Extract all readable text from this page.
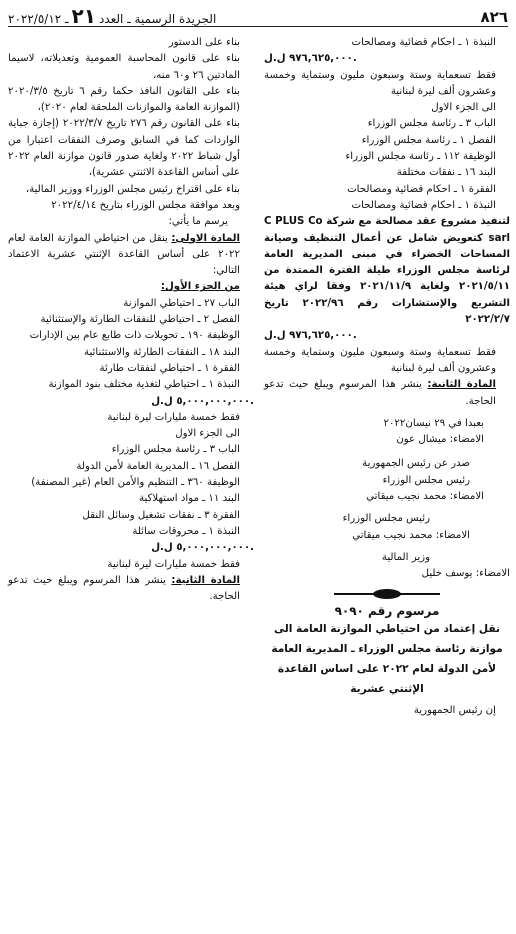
٨٢٦
الجريدة الرسمية ـ العدد
٢١
ـ ٢٠٢٢/٥/١٢

النبذة ١ ـ احكام قضائية ومصالحات

٩٧٦,٦٢٥,٠٠٠ ل.ل.

فقط تسعماية وستة وسبعون مليون وستماية وخمسة وعشرون ألف ليرة لبنانية

الى الجزء الاول

الباب ٣ ـ رئاسة مجلس الوزراء

الفصل ١ ـ رئاسة مجلس الوزراء

الوظيفة ١١٢ ـ رئاسة مجلس الوزراء

البند ١٦ ـ نفقات مختلفة

الفقرة ١ ـ احكام قضائية ومصالحات

النبذة ١ ـ احكام قضائية ومصالحات

لتنفيذ مشروع عقد مصالحة مع شركة C PLUS Co sarl كتعويض شامل عن أعمال التنظيف وصيانة المساحات الخضراء في مبنى المديرية العامة لرئاسة مجلس الوزراء طيلة الفترة الممتدة من ٢٠٢١/٥/١١ ولغاية ٢٠٢١/١١/٩ وفقا لراي هيئة التشريع والإستشارات رقم ٢٠٢٢/٩٦ تاريخ ٢٠٢٢/٢/٧

٩٧٦,٦٢٥,٠٠٠ ل.ل.

فقط تسعماية وستة وسبعون مليون وستماية وخمسة وعشرون ألف ليرة لبنانية

المادة الثانية: ينشر هذا المرسوم ويبلغ حيث تدعو الحاجة.

بعبدا في ٢٩ نيسان٢٠٢٢

الامضاء: ميشال عون

صدر عن رئيس الجمهورية

رئيس مجلس الوزراء

الامضاء: محمد نجيب ميقاتي

رئيس مجلس الوزراء

الامضاء: محمد نجيب ميقاتي

وزير المالية

الامضاء: يوسف خليل

مرسوم رقم ٩٠٩٠

نقل إعتماد من احتياطي الموازنة العامة الى موازنة رئاسة مجلس الوزراء ـ المديرية العامة لأمن الدولة لعام ٢٠٢٢ على اساس القاعدة الإثنتي عشرية

إن رئيس الجمهورية

بناء على الدستور

بناء على قانون المحاسبة العمومية وتعديلاته، لاسيما المادتين ٢٦ و٦٠ منه،

بناء على القانون النافذ حكما رقم ٦ تاريخ ٢٠٢٠/٣/٥ (الموازنة العامة والموازنات الملحقة لعام ٢٠٢٠)،

بناء على القانون رقم ٢٧٦ تاريخ ٢٠٢٢/٣/٧ (إجازة جباية الواردات كما في السابق وصرف النفقات اعتبارا من أول شباط ٢٠٢٢ ولغاية صدور قانون موازنة العام ٢٠٢٢ على أساس القاعدة الاثنتي عشرية)،

بناء على اقتراح رئيس مجلس الوزراء ووزير المالية،

وبعد موافقة مجلس الوزراء بتاريخ ٢٠٢٢/٤/١٤

يرسم ما يأتي:

المادة الاولى: ينقل من احتياطي الموازنة العامة لعام ٢٠٢٢ على أساس القاعدة الإثنتي عشرية الاعتماد التالي:

من الجزء الأول:

الباب ٢٧ ـ احتياطي الموازنة

الفصل ٢ ـ احتياطي للنفقات الطارئة والإستثنائية

الوظيفة ١٩٠ ـ تحويلات ذات طابع عام بين الإدارات

البند ١٨ ـ النفقات الطارئة والاستثنائية

الفقرة ١ ـ احتياطي لنفقات طارئة

النبذة ١ ـ احتياطي لتغذية مختلف بنود الموازنة

٥,٠٠٠,٠٠٠,٠٠٠ ل.ل.

فقط خمسة مليارات ليرة لبنانية

الى الجزء الاول

الباب ٣ ـ رئاسة مجلس الوزراء

الفصل ١٦ ـ المديرية العامة لأمن الدولة

الوظيفة ٣٦٠ ـ التنظيم والأمن العام (غير المصنفة)

البند ١١ ـ مواد استهلاكية

الفقرة ٣ ـ نفقات تشغيل وسائل النقل

النبذة ١ ـ محروقات سائلة

٥,٠٠٠,٠٠٠,٠٠٠ ل.ل.

فقط خمسة مليارات ليرة لبنانية

المادة الثانية: ينشر هذا المرسوم ويبلغ حيث تدعو الحاجة.
